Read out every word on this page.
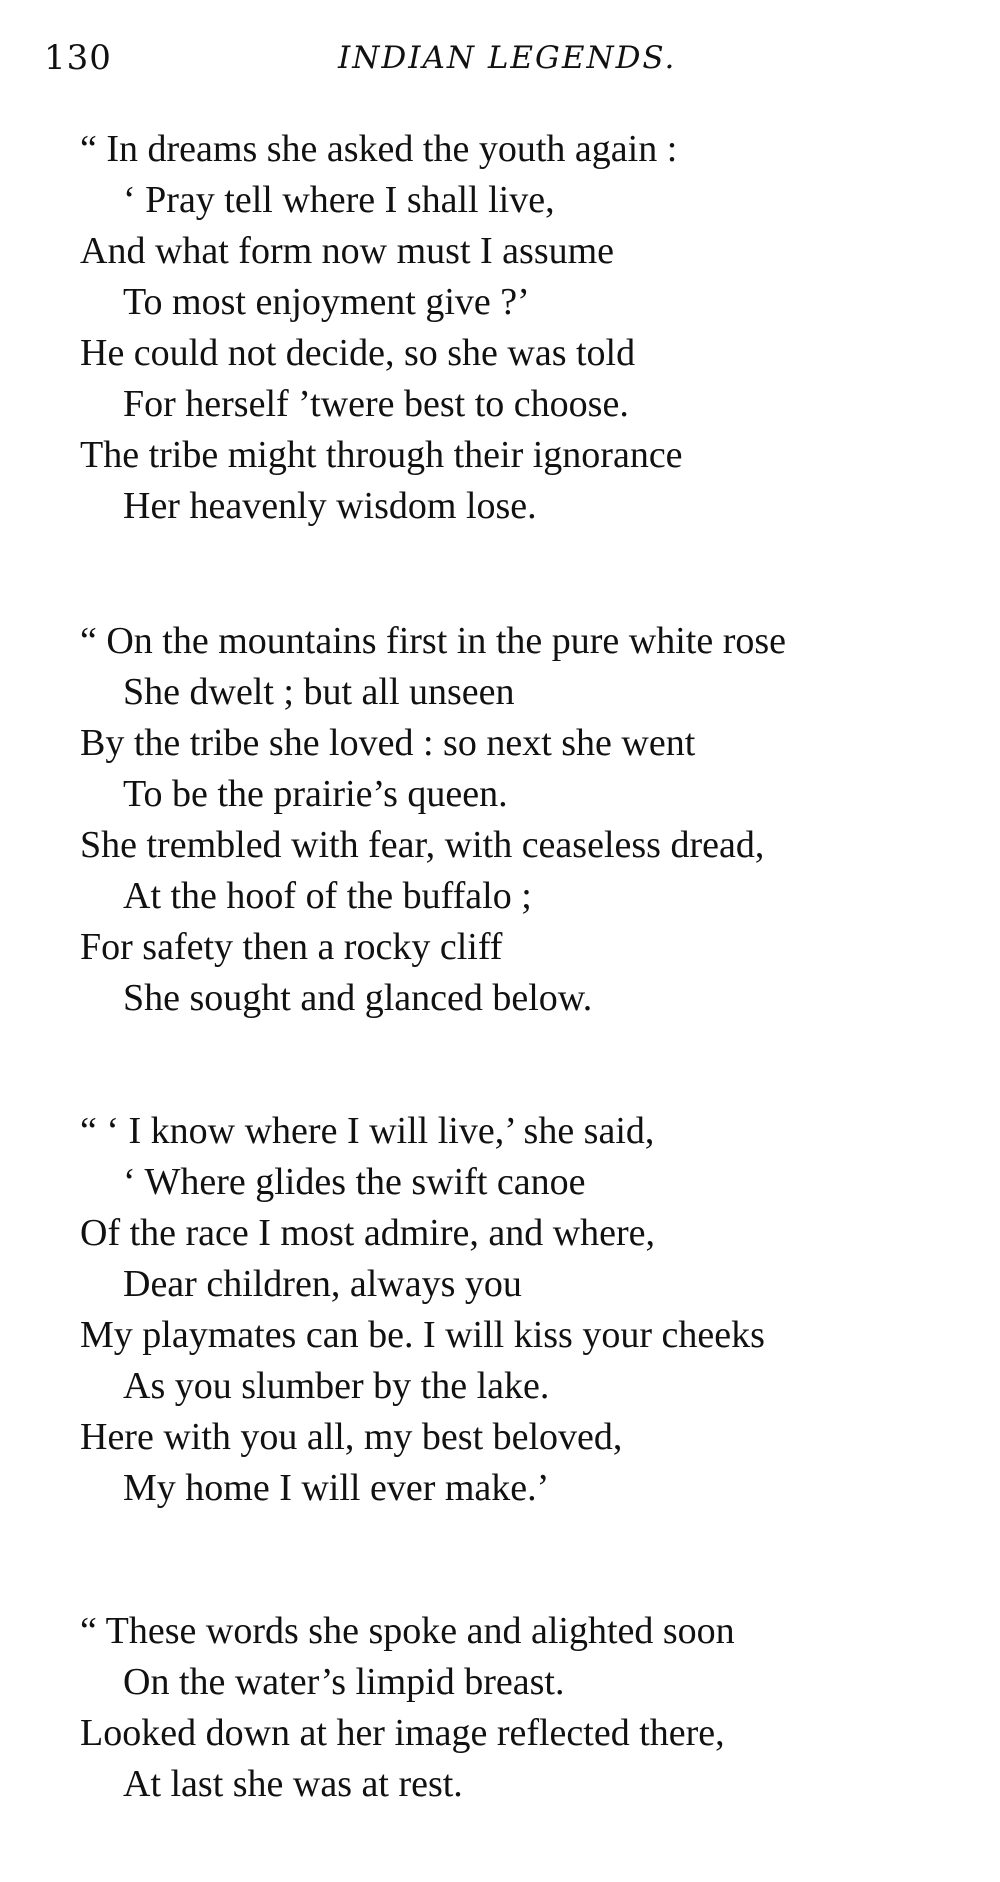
130	INDIAN LEGENDS.
“ In dreams she asked the youth again :
‘ Pray tell where I shall live,
And what form now must I assume
To most enjoyment give ?’
He could not decide, so she was told
For herself ’twere best to choose.
The tribe might through their ignorance
Her heavenly wisdom lose.
“ On the mountains first in the pure white rose
She dwelt ; but all unseen
By the tribe she loved : so next she went
To be the prairie’s queen.
She trembled with fear, with ceaseless dread,
At the hoof of the buffalo ;
For safety then a rocky cliff
She sought and glanced below.
“ ‘ I know where I will live,’ she said,
‘ Where glides the swift canoe
Of the race I most admire, and where,
Dear children, always you
My playmates can be. I will kiss your cheeks
As you slumber by the lake.
Here with you all, my best beloved,
My home I will ever make.’
“ These words she spoke and alighted soon
On the water’s limpid breast.
Looked down at her image reflected there,
At last she was at rest.
